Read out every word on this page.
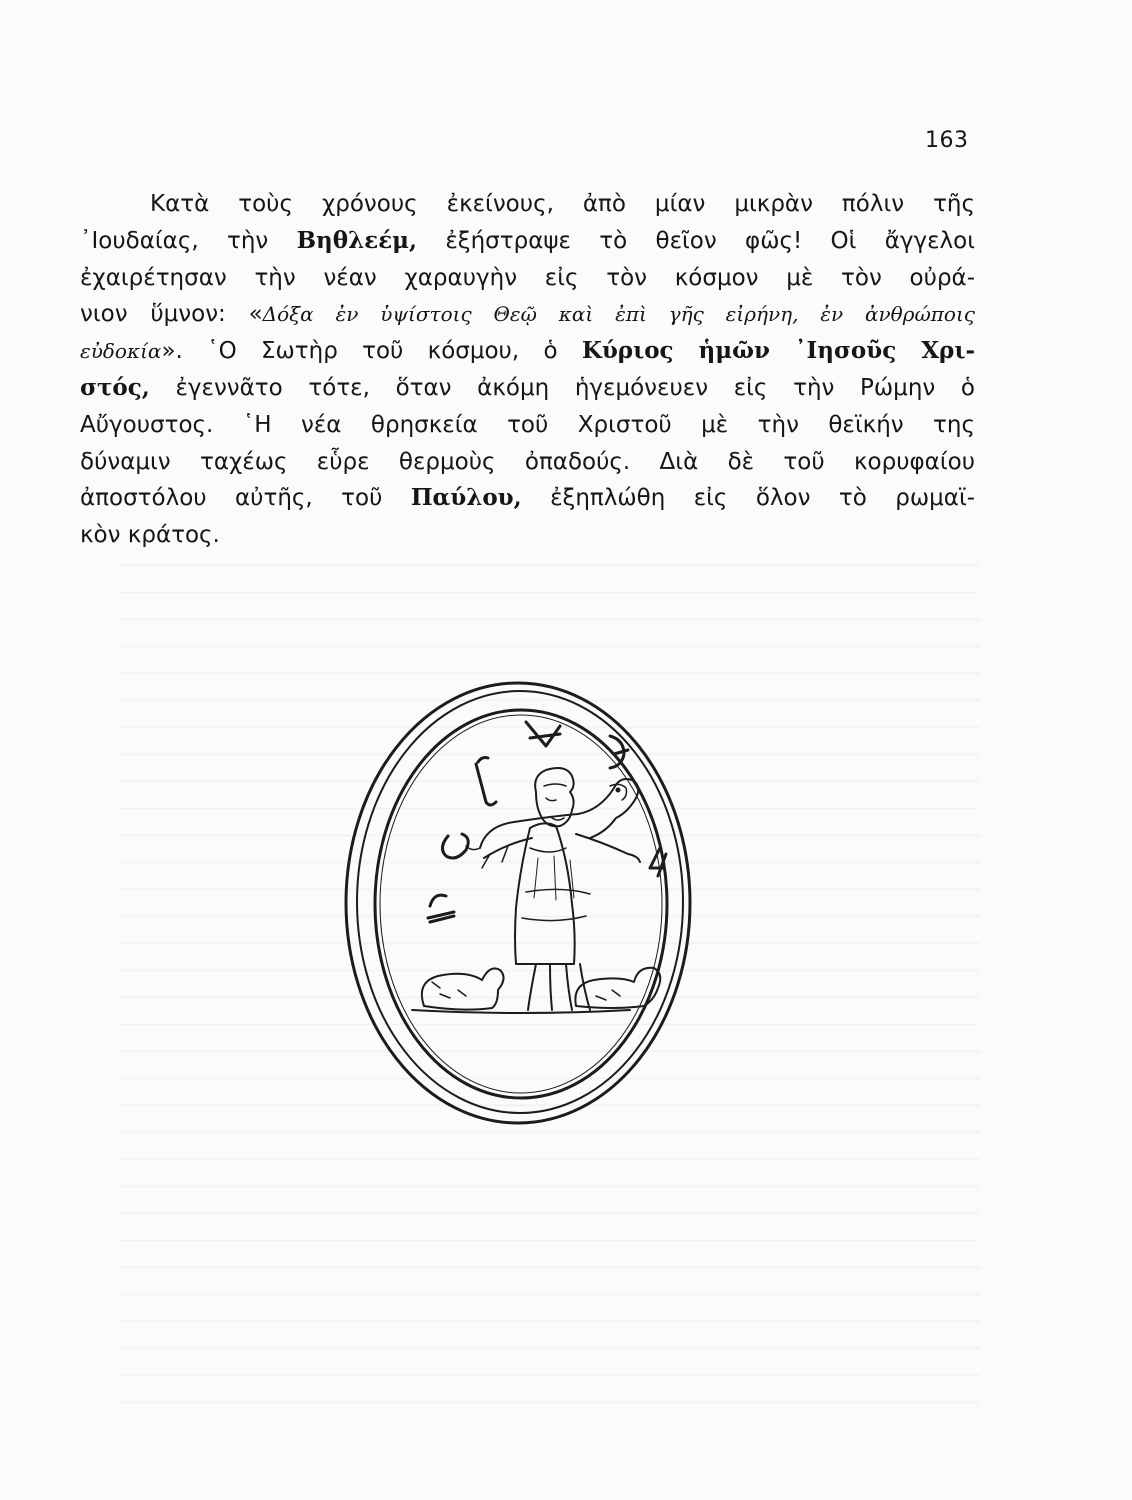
163
Κατὰ τοὺς χρόνους ἐκείνους, ἀπὸ μίαν μικρὰν πόλιν τῆς
᾿Ιουδαίας, τὴν Βηθλεέμ, ἐξήστραψε τὸ θεῖον φῶς! Οἱ ἄγγελοι
ἐχαιρέτησαν τὴν νέαν χαραυγὴν εἰς τὸν κόσμον μὲ τὸν οὐρά-
νιον ὕμνον: «Δόξα ἐν ὑψίστοις Θεῷ καὶ ἐπὶ γῆς εἰρήνη, ἐν ἀνθρώποις
εὐδοκία». ῾Ο Σωτὴρ τοῦ κόσμου, ὁ Κύριος ἡμῶν ᾿Ιησοῦς Χρι-
στός, ἐγεννᾶτο τότε, ὅταν ἀκόμη ἡγεμόνευεν εἰς τὴν Ρώμην ὁ
Αὔγουστος. ῾Η νέα θρησκεία τοῦ Χριστοῦ μὲ τὴν θεϊκήν της
δύναμιν ταχέως εὗρε θερμοὺς ὀπαδούς. Διὰ δὲ τοῦ κορυφαίου
ἀποστόλου αὐτῆς, τοῦ Παύλου, ἐξηπλώθη εἰς ὅλον τὸ ρωμαϊ-
κὸν κράτος.
